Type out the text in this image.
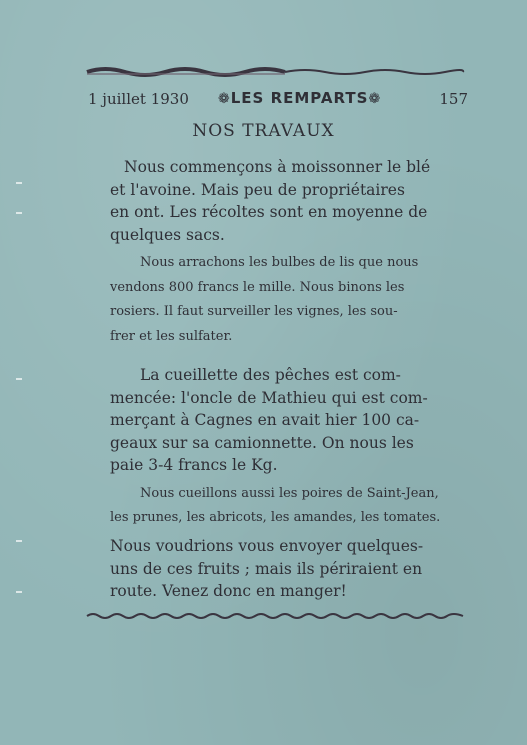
1 juillet 1930 ❁LES REMPARTS❁	157
NOS TRAVAUX
Nous commençons à moissonner le blé
et l'avoine. Mais peu de propriétaires
en ont. Les récoltes sont en moyenne de
quelques sacs.
Nous arrachons les bulbes de lis que nous
vendons 800 francs le mille. Nous binons les
rosiers. Il faut surveiller les vignes, les sou-
frer et les sulfater.
La cueillette des pêches est com-
mencée: l'oncle de Mathieu qui est com-
merçant à Cagnes en avait hier 100 ca-
geaux sur sa camionnette. On nous les
paie 3-4 francs le Kg.
Nous cueillons aussi les poires de Saint-Jean,
les prunes, les abricots, les amandes, les tomates.
Nous voudrions vous envoyer quelques-
uns de ces fruits ; mais ils périraient en
route. Venez donc en manger!
